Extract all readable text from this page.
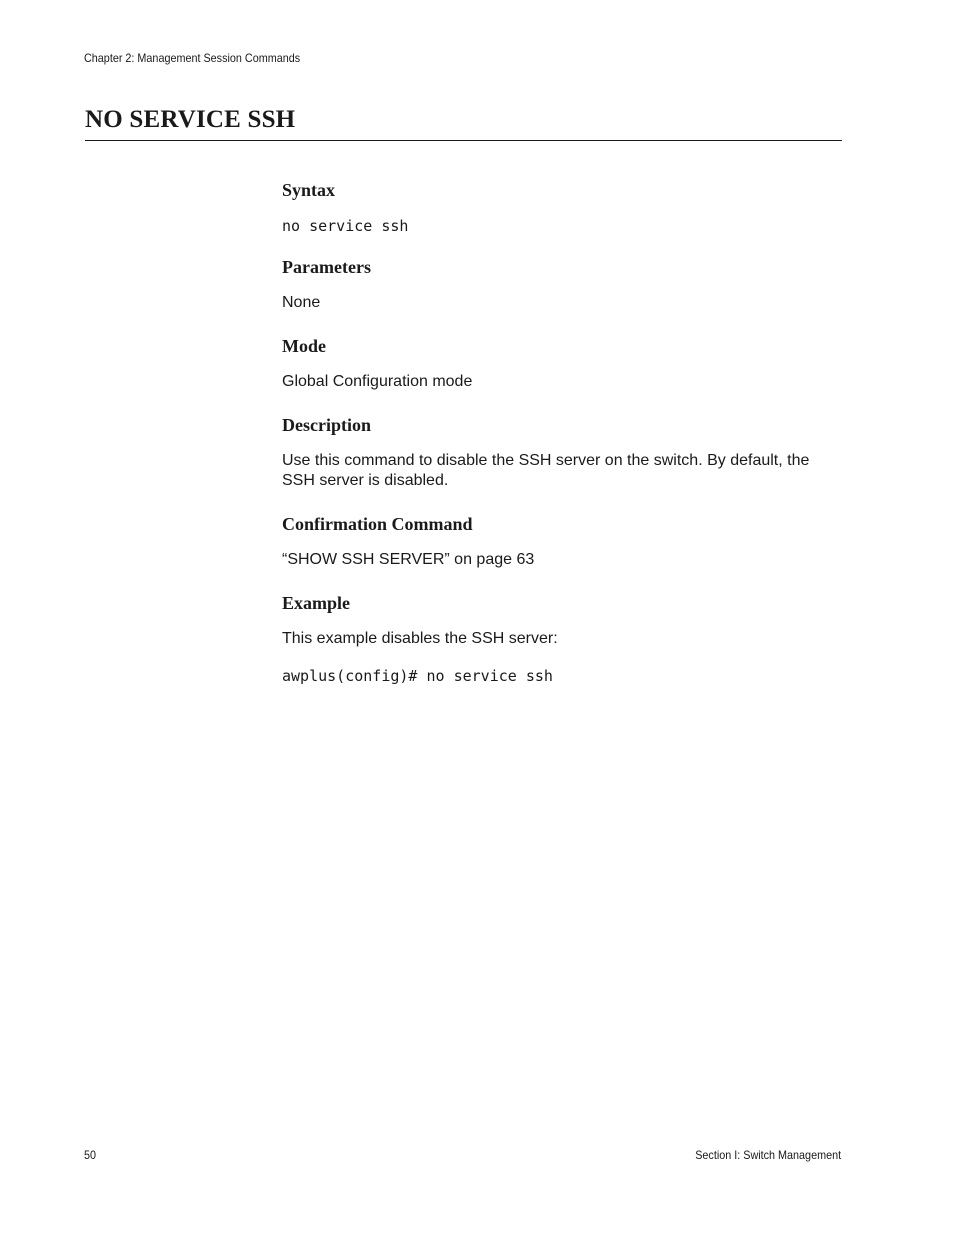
Chapter 2: Management Session Commands
NO SERVICE SSH
Syntax

no service ssh

Parameters

None

Mode

Global Configuration mode

Description

Use this command to disable the SSH server on the switch. By default, the SSH server is disabled.

Confirmation Command

“SHOW SSH SERVER” on page 63

Example

This example disables the SSH server:

awplus(config)# no service ssh

50	Section I: Switch Management
